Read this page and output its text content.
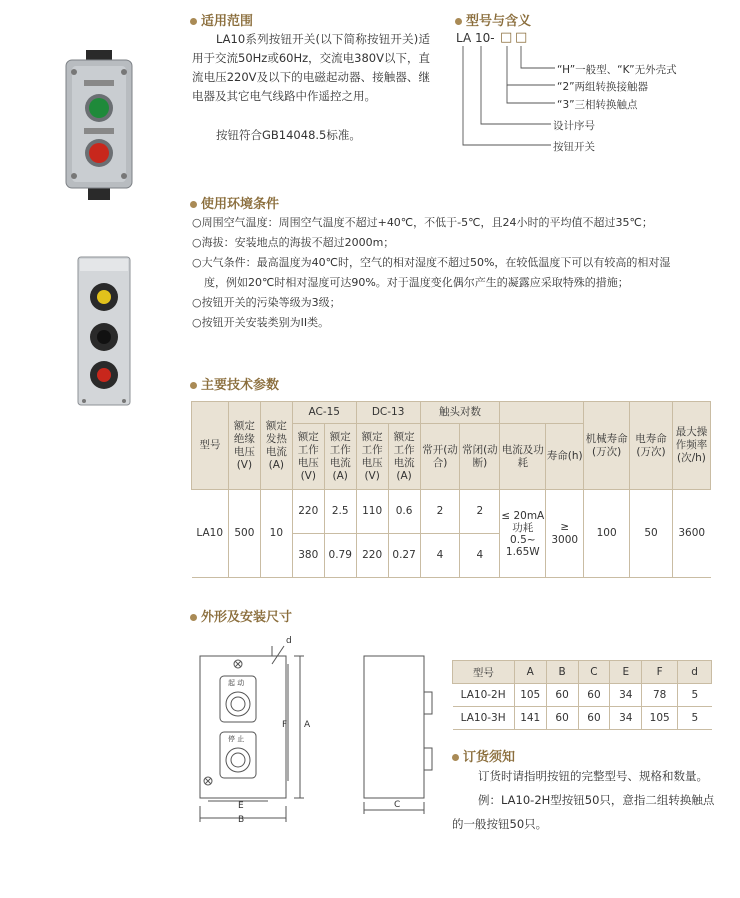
适用范围
LA10系列按钮开关(以下简称按钮开关)适用于交流50Hz或60Hz，交流电380V以下，直流电压220V及以下的电磁起动器、接触器、继电器及其它电气线路中作遥控之用。
按钮符合GB14048.5标准。
型号与含义
LA 10- □ □
“H”一般型、“K”无外壳式
“2”两组转换接触器
“3”三相转换触点
设计序号
按钮开关
使用环境条件
○周围空气温度：周围空气温度不超过+40℃，不低于-5℃，且24小时的平均值不超过35℃；
○海拔：安装地点的海拔不超过2000m；
○大气条件：最高温度为40℃时，空气的相对湿度不超过50%，在较低温度下可以有较高的相对湿
度，例如20℃时相对湿度可达90%。对于温度变化偶尔产生的凝露应采取特殊的措施；
○按钮开关的污染等级为3级；
○按钮开关安装类别为II类。
主要技术参数
型号	额定绝缘电压(V)	额定发热电流(A)	AC-15		DC-13		触头对数				机械寿命(万次)	电寿命(万次)	最大操作频率(次/h)
			额定工作电压(V)	额定工作电流(A)	额定工作电压(V)	额定工作电流(A)	常开(动合)	常闭(动断)	电流及功耗	寿命(h)			
LA10	500	10	220	2.5	110	0.6	2	2	≤ 20mA 功耗 0.5~ 1.65W	≥ 3000	100	50	3600
			380	0.79	220	0.27	4	4					
外形及安装尺寸
d
F A
E
B
起 动
停 止
C
型号	A	B	C	E	F	d
LA10-2H	105	60	60	34	78	5
LA10-3H	141	60	60	34	105	5
订货须知
订货时请指明按钮的完整型号、规格和数量。
例：LA10-2H型按钮50只，意指二组转换触点
的一般按钮50只。
